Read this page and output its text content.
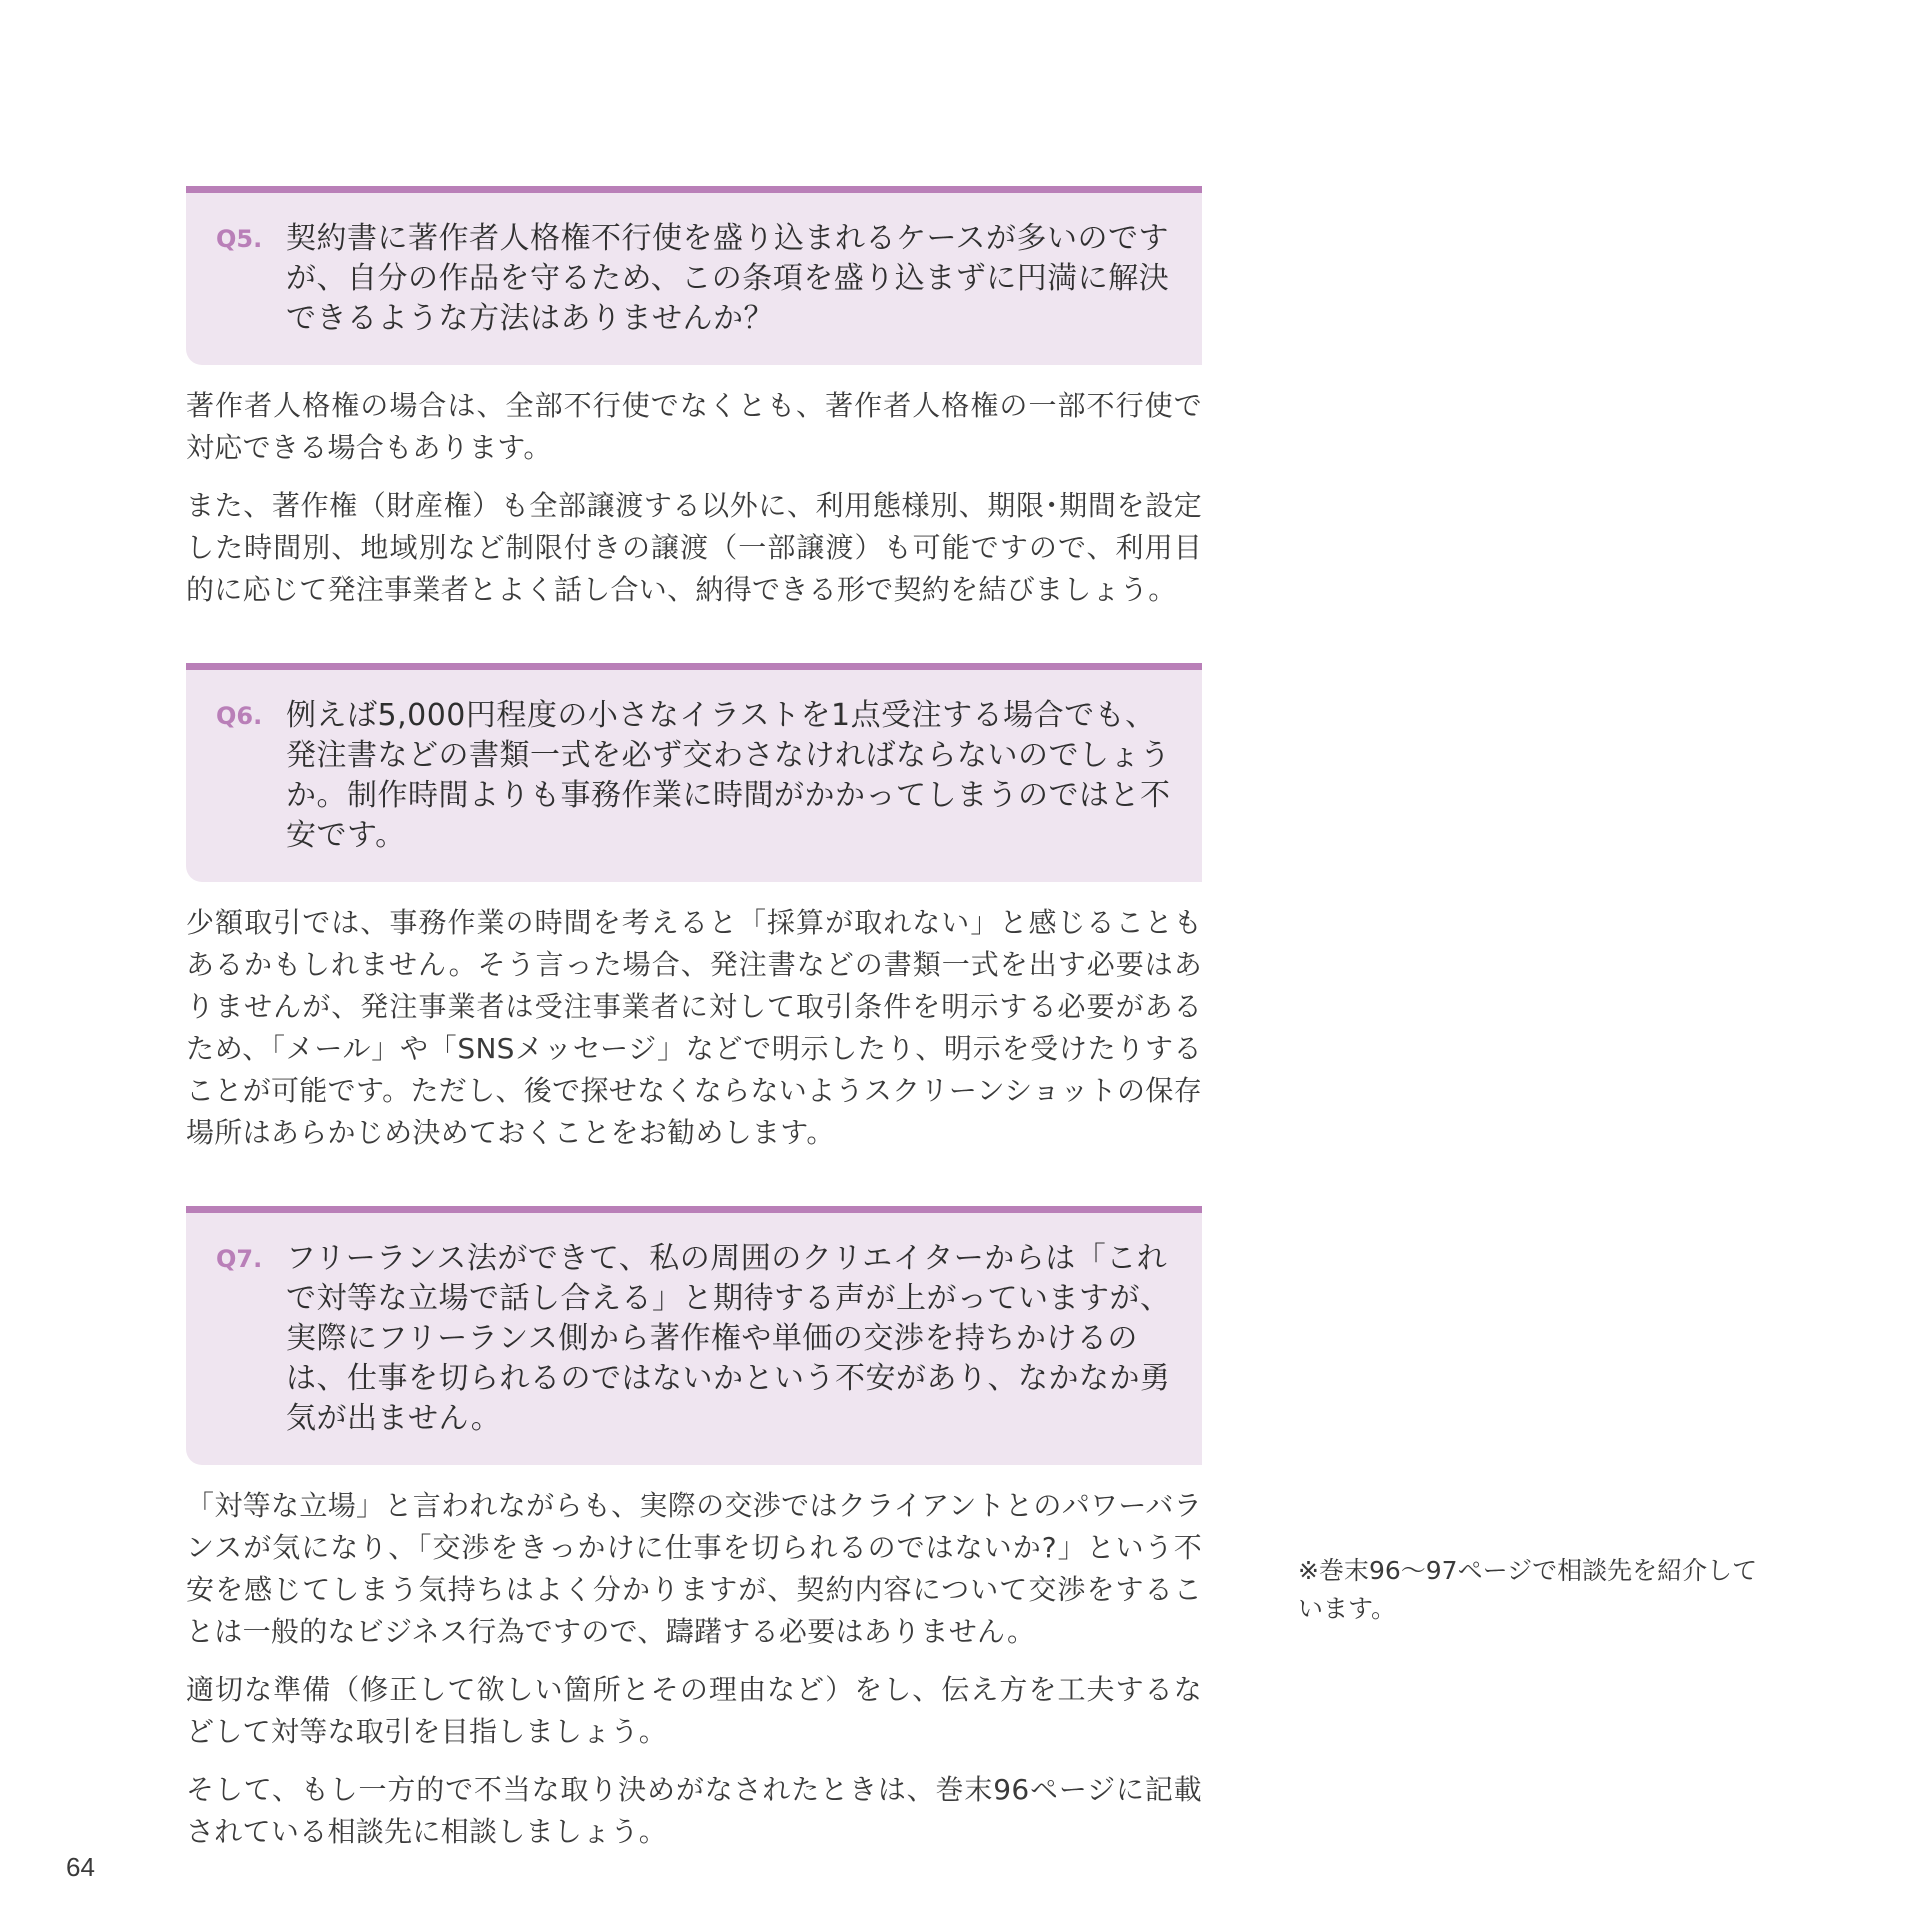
Q5. 契約書に著作者人格権不行使を盛り込まれるケースが多いのですが、自分の作品を守るため、この条項を盛り込まずに円満に解決できるような方法はありませんか？

著作者人格権の場合は、全部不行使でなくとも、著作者人格権の一部不行使で対応できる場合もあります。

また、著作権（財産権）も全部譲渡する以外に、利用態様別、期限･期間を設定した時間別、地域別など制限付きの譲渡（一部譲渡）も可能ですので、利用目的に応じて発注事業者とよく話し合い、納得できる形で契約を結びましょう。

Q6. 例えば5,000円程度の小さなイラストを1点受注する場合でも、発注書などの書類一式を必ず交わさなければならないのでしょうか。制作時間よりも事務作業に時間がかかってしまうのではと不安です。

少額取引では、事務作業の時間を考えると「採算が取れない」と感じることもあるかもしれません。そう言った場合、発注書などの書類一式を出す必要はありませんが、発注事業者は受注事業者に対して取引条件を明示する必要があるため、「メール」や「SNSメッセージ」などで明示したり、明示を受けたりすることが可能です。ただし、後で探せなくならないようスクリーンショットの保存場所はあらかじめ決めておくことをお勧めします。

Q7. フリーランス法ができて、私の周囲のクリエイターからは「これで対等な立場で話し合える」と期待する声が上がっていますが、実際にフリーランス側から著作権や単価の交渉を持ちかけるのは、仕事を切られるのではないかという不安があり、なかなか勇気が出ません。

「対等な立場」と言われながらも、実際の交渉ではクライアントとのパワーバランスが気になり、「交渉をきっかけに仕事を切られるのではないか?」という不安を感じてしまう気持ちはよく分かりますが、契約内容について交渉をすることは一般的なビジネス行為ですので、躊躇する必要はありません。

適切な準備（修正して欲しい箇所とその理由など）をし、伝え方を工夫するなどして対等な取引を目指しましょう。

そして、もし一方的で不当な取り決めがなされたときは、巻末96ページに記載されている相談先に相談しましょう。

※巻末96〜97ページで相談先を紹介しています。
64
